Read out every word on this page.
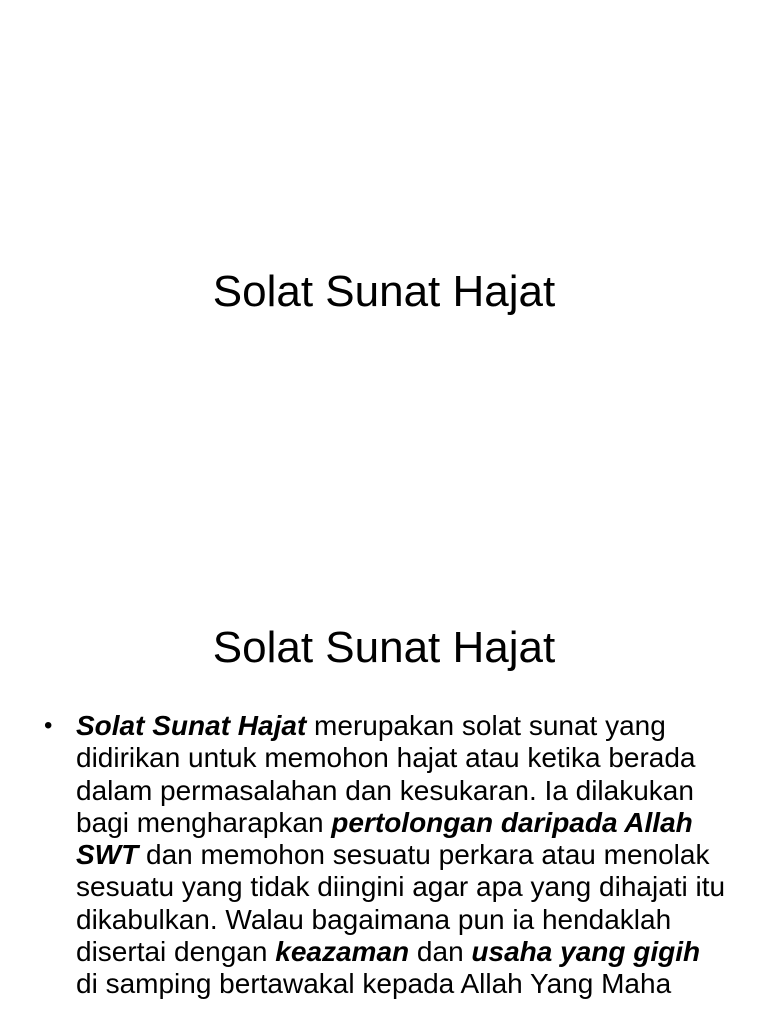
Solat Sunat Hajat
Solat Sunat Hajat
• Solat Sunat Hajat merupakan solat sunat yang didirikan untuk memohon hajat atau ketika berada dalam permasalahan dan kesukaran. Ia dilakukan bagi mengharapkan pertolongan daripada Allah SWT dan memohon sesuatu perkara atau menolak sesuatu yang tidak diingini agar apa yang dihajati itu dikabulkan. Walau bagaimana pun ia hendaklah disertai dengan keazaman dan usaha yang gigih di samping bertawakal kepada Allah Yang Maha
